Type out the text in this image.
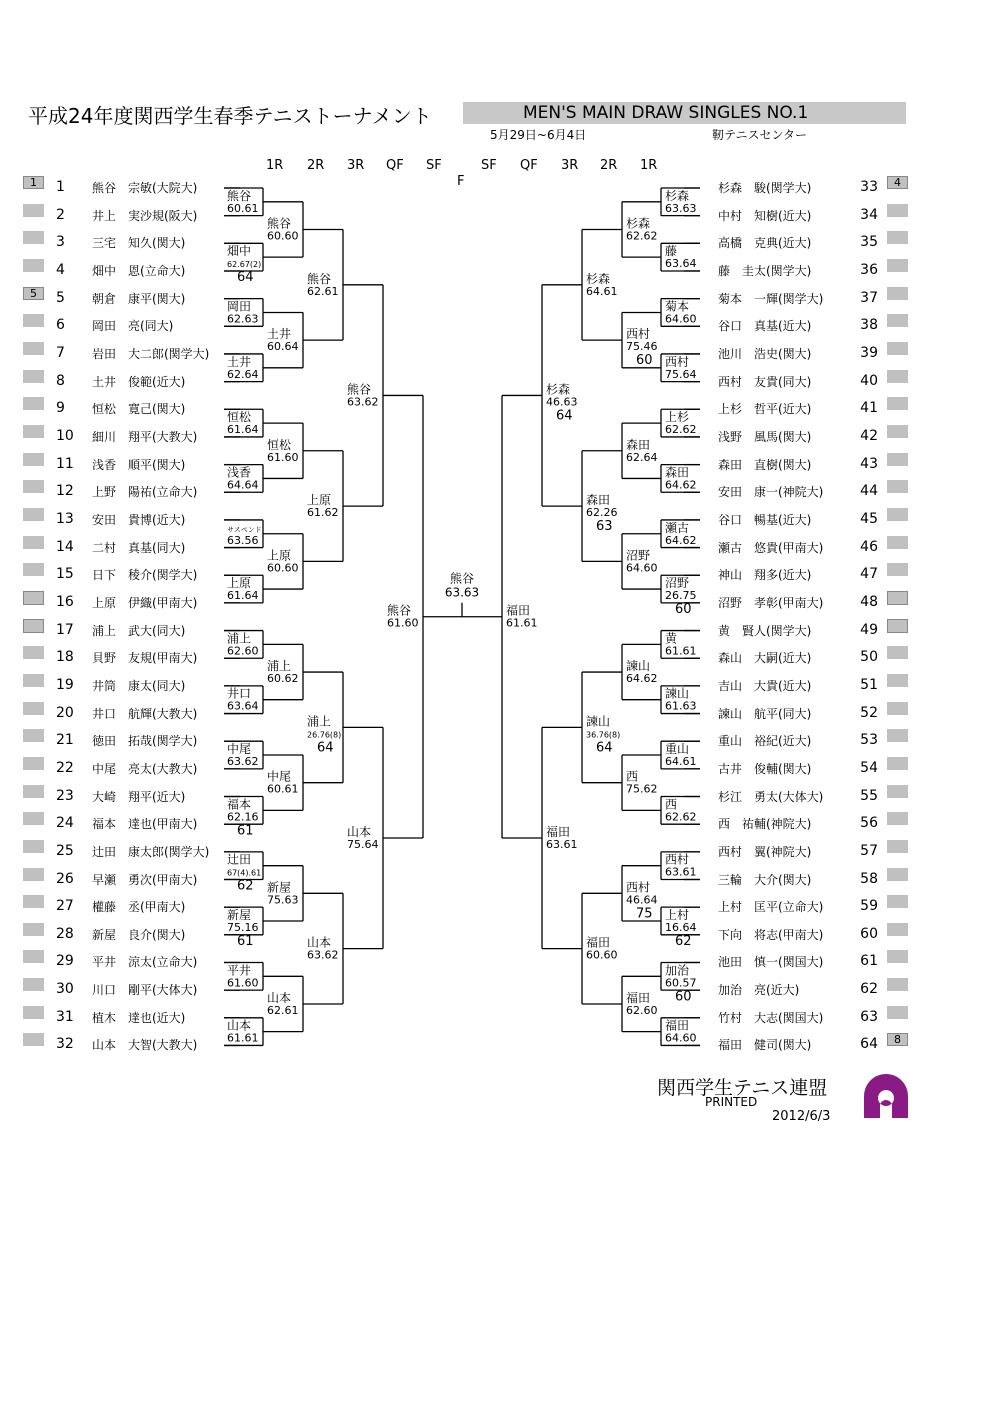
平成24年度関西学生春季テニストーナメント	MEN'S MAIN DRAW SINGLES NO.1
5月29日~6月4日	靭テニスセンター
1R 2R 3R QF SF
F
SF QF 3R 2R 1R
1 熊谷　宗敏(大院大)	杉森　駿(関学大)	33
1	4
2 井上　実沙規(阪大)	中村　知樹(近大)	34
3 三宅　知久(関大)	高橋　克典(近大)	35
4 畑中　恩(立命大)	藤　圭太(関学大)	36
5 朝倉　康平(関大)	菊本　一輝(関学大)	37
5
6 岡田　亮(同大)	谷口　真基(近大)	38
7 岩田　大二郎(関学大)	池川　浩史(関大)	39
8 土井　俊範(近大)	西村　友貴(同大)	40
9 恒松　寛己(関大)	上杉　哲平(近大)	41
10 細川　翔平(大教大)	浅野　風馬(関大)	42
11 浅香　順平(関大)	森田　直樹(関大)	43
12 上野　陽祐(立命大)	安田　康一(神院大)	44
13 安田　貴博(近大)	谷口　暢基(近大)	45
14 二村　真基(同大)	瀬古　悠貴(甲南大)	46
15 日下　稜介(関学大)	神山　翔多(近大)	47
16 上原　伊織(甲南大)	沼野　孝彰(甲南大)	48
17 浦上　武大(同大)	黄　賢人(関学大)	49
18 貝野　友規(甲南大)	森山　大嗣(近大)	50
19 井筒　康太(同大)	吉山　大貴(近大)	51
20 井口　航輝(大教大)	諫山　航平(同大)	52
21 徳田　拓哉(関学大)	重山　裕紀(近大)	53
22 中尾　亮太(大教大)	古井　俊輔(関大)	54
23 大崎　翔平(近大)	杉江　勇太(大体大)	55
24 福本　達也(甲南大)	西　祐輔(神院大)	56
25 辻田　康太郎(関学大)	西村　翼(神院大)	57
26 早瀬　勇次(甲南大)	三輪　大介(関大)	58
27 權藤　丞(甲南大)	上村　匡平(立命大)	59
28 新屋　良介(関大)	下向　将志(甲南大)	60
29 平井　涼太(立命大)	池田　慎一(関国大)	61
30 川口　剛平(大体大)	加治　亮(近大)	62
31 植木　達也(近大)	竹村　大志(関国大)	63
32 山本　大智(大教大)	福田　健司(関大)	64	8
熊谷
60.61
畑中
62.67(2)
64
岡田
62.63
土井
62.64
恒松
61.64
浅香
64.64
サスペンド
63.56
上原
61.64
浦上
62.60
井口
63.64
中尾
63.62
福本
62.16
61
辻田
67(4).61
62
新屋
75.16
61
平井
61.60
山本
61.61
熊谷
60.60
土井
60.64
恒松
61.60
上原
60.60
浦上
60.62
中尾
60.61
新屋
75.63
山本
62.61
熊谷
62.61
上原
61.62
浦上
26.76(8)
64
山本
63.62
熊谷
63.62
山本
75.64
熊谷
61.60
杉森
63.63
藤
63.64
菊本
64.60
西村
75.64
上杉
62.62
森田
64.62
瀬古
64.62
沼野
26.75
60
黄
61.61
諫山
61.63
重山
64.61
西
62.62
西村
63.61
上村
16.64
62
加治
60.57
60
福田
64.60
杉森
62.62
西村
75.46
60
森田
62.64
沼野
64.60
諫山
64.62
西
75.62
西村
46.64
75
福田
62.60
杉森
64.61
森田
62.26
63
諫山
36.76(8)
64
福田
60.60
杉森
46.63
64
福田
63.61
福田
61.61
熊谷
63.63
関西学生テニス連盟
PRINTED
2012/6/3
